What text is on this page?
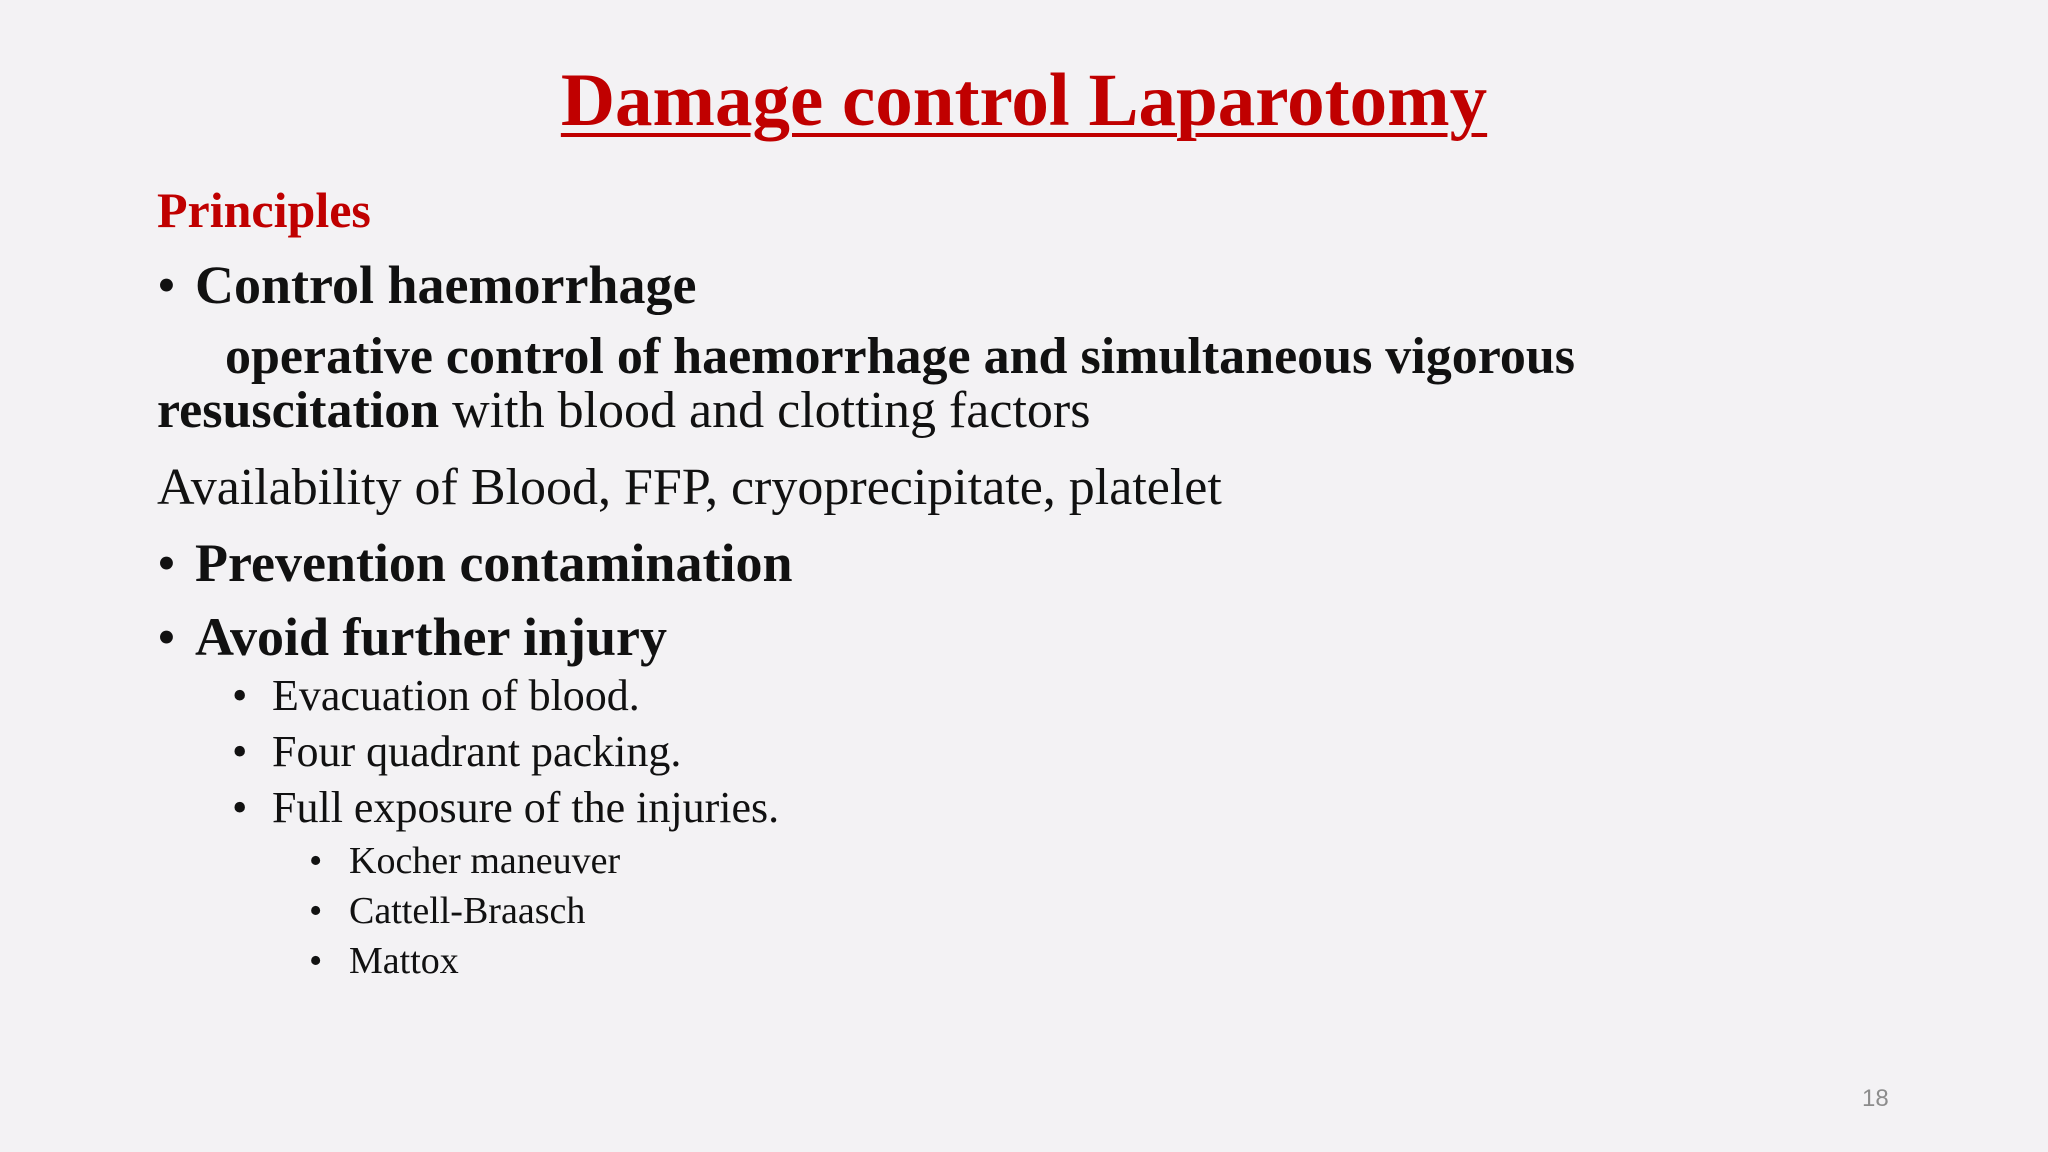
Damage control Laparotomy
Principles
• Control haemorrhage

operative control of haemorrhage and simultaneous vigorous resuscitation with blood and clotting factors

Availability of Blood, FFP, cryoprecipitate, platelet
• Prevention contamination
• Avoid further injury
• Evacuation of blood.
• Four quadrant packing.
• Full exposure of the injuries.
• Kocher maneuver
• Cattell-Braasch
• Mattox
18
